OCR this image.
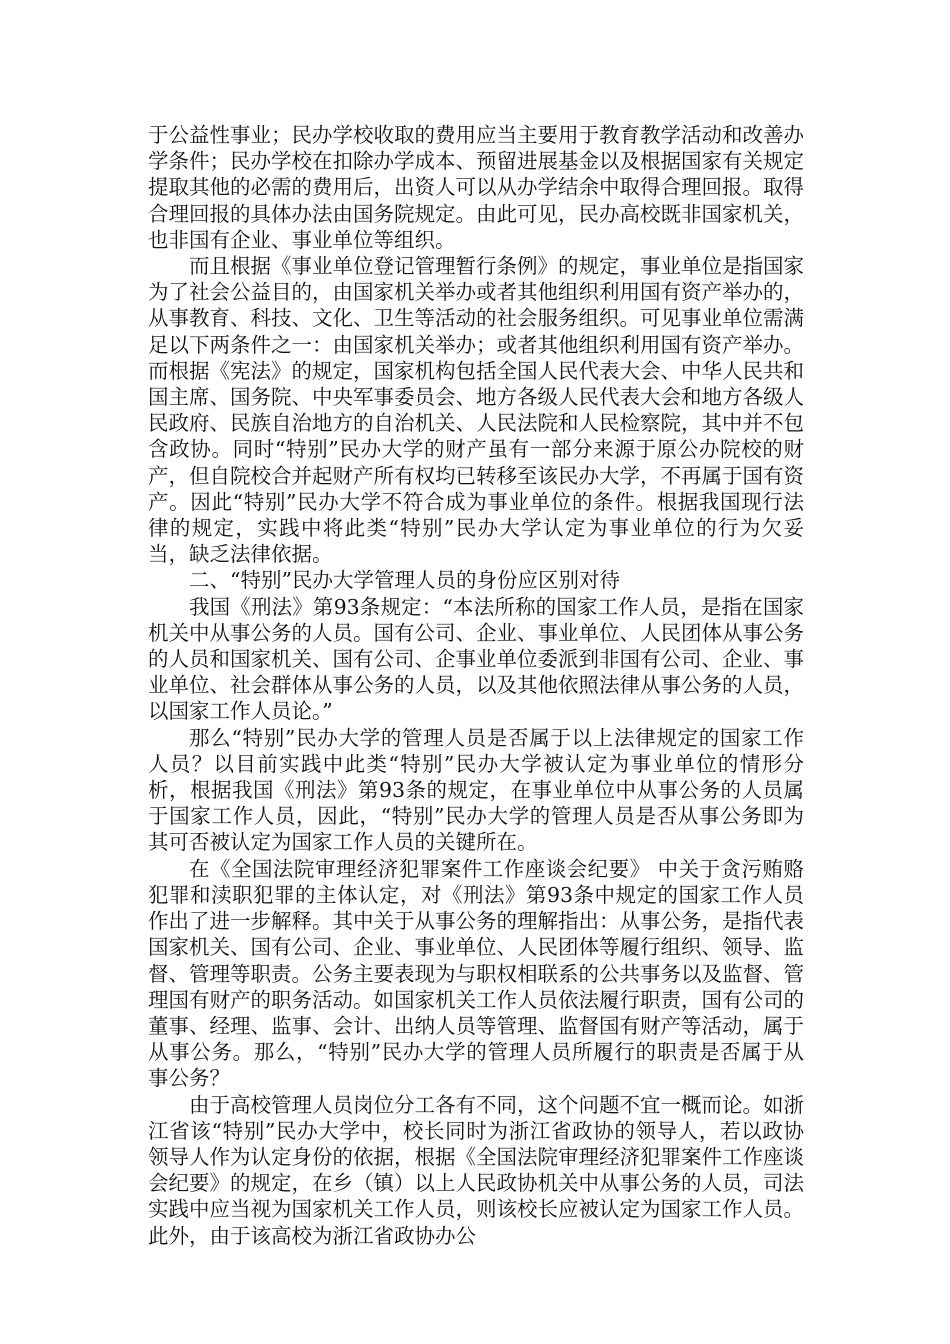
于公益性事业；民办学校收取的费用应当主要用于教育教学活动和改善办学条件；民办学校在扣除办学成本、预留进展基金以及根据国家有关规定提取其他的必需的费用后，出资人可以从办学结余中取得合理回报。取得合理回报的具体办法由国务院规定。由此可见，民办高校既非国家机关，也非国有企业、事业单位等组织。

而且根据《事业单位登记管理暂行条例》的规定，事业单位是指国家为了社会公益目的，由国家机关举办或者其他组织利用国有资产举办的，从事教育、科技、文化、卫生等活动的社会服务组织。可见事业单位需满足以下两条件之一：由国家机关举办；或者其他组织利用国有资产举办。而根据《宪法》的规定，国家机构包括全国人民代表大会、中华人民共和国主席、国务院、中央军事委员会、地方各级人民代表大会和地方各级人民政府、民族自治地方的自治机关、人民法院和人民检察院，其中并不包含政协。同时“特别”民办大学的财产虽有一部分来源于原公办院校的财产，但自院校合并起财产所有权均已转移至该民办大学，不再属于国有资产。因此“特别”民办大学不符合成为事业单位的条件。根据我国现行法律的规定，实践中将此类“特别”民办大学认定为事业单位的行为欠妥当，缺乏法律依据。

二、“特别”民办大学管理人员的身份应区别对待

我国《刑法》第93条规定：“本法所称的国家工作人员，是指在国家机关中从事公务的人员。国有公司、企业、事业单位、人民团体从事公务的人员和国家机关、国有公司、企事业单位委派到非国有公司、企业、事业单位、社会群体从事公务的人员，以及其他依照法律从事公务的人员，以国家工作人员论。”

那么“特别”民办大学的管理人员是否属于以上法律规定的国家工作人员？以目前实践中此类“特别”民办大学被认定为事业单位的情形分析，根据我国《刑法》第93条的规定，在事业单位中从事公务的人员属于国家工作人员，因此，“特别”民办大学的管理人员是否从事公务即为其可否被认定为国家工作人员的关键所在。

在《全国法院审理经济犯罪案件工作座谈会纪要》 中关于贪污贿赂犯罪和渎职犯罪的主体认定，对《刑法》第93条中规定的国家工作人员作出了进一步解释。其中关于从事公务的理解指出：从事公务，是指代表国家机关、国有公司、企业、事业单位、人民团体等履行组织、领导、监督、管理等职责。公务主要表现为与职权相联系的公共事务以及监督、管理国有财产的职务活动。如国家机关工作人员依法履行职责，国有公司的董事、经理、监事、会计、出纳人员等管理、监督国有财产等活动，属于从事公务。那么，“特别”民办大学的管理人员所履行的职责是否属于从事公务？

由于高校管理人员岗位分工各有不同，这个问题不宜一概而论。如浙江省该“特别”民办大学中，校长同时为浙江省政协的领导人，若以政协领导人作为认定身份的依据，根据《全国法院审理经济犯罪案件工作座谈会纪要》的规定，在乡（镇）以上人民政协机关中从事公务的人员，司法实践中应当视为国家机关工作人员，则该校长应被认定为国家工作人员。此外，由于该高校为浙江省政协办公
